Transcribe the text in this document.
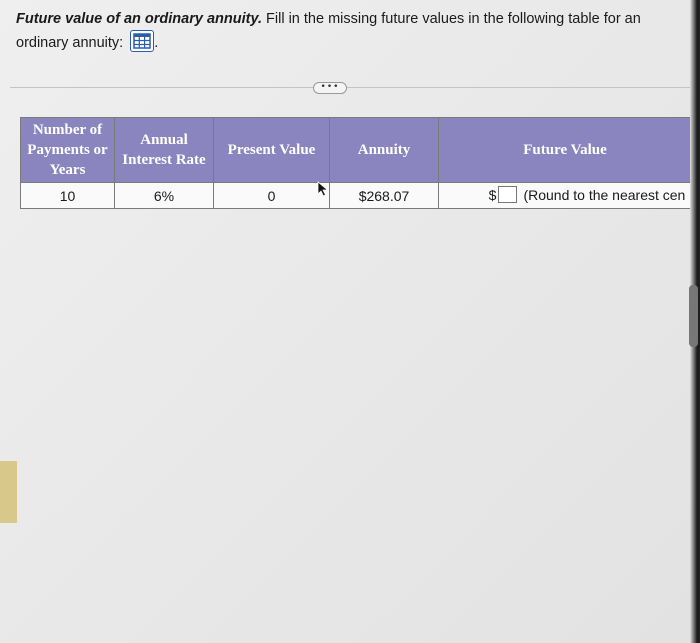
Future value of an ordinary annuity. Fill in the missing future values in the following table for an ordinary annuity: .
•••
Number of Payments or Years	Annual Interest Rate	Present Value	Annuity	Future Value
10	6%	0	$268.07	$ (Round to the nearest cen
